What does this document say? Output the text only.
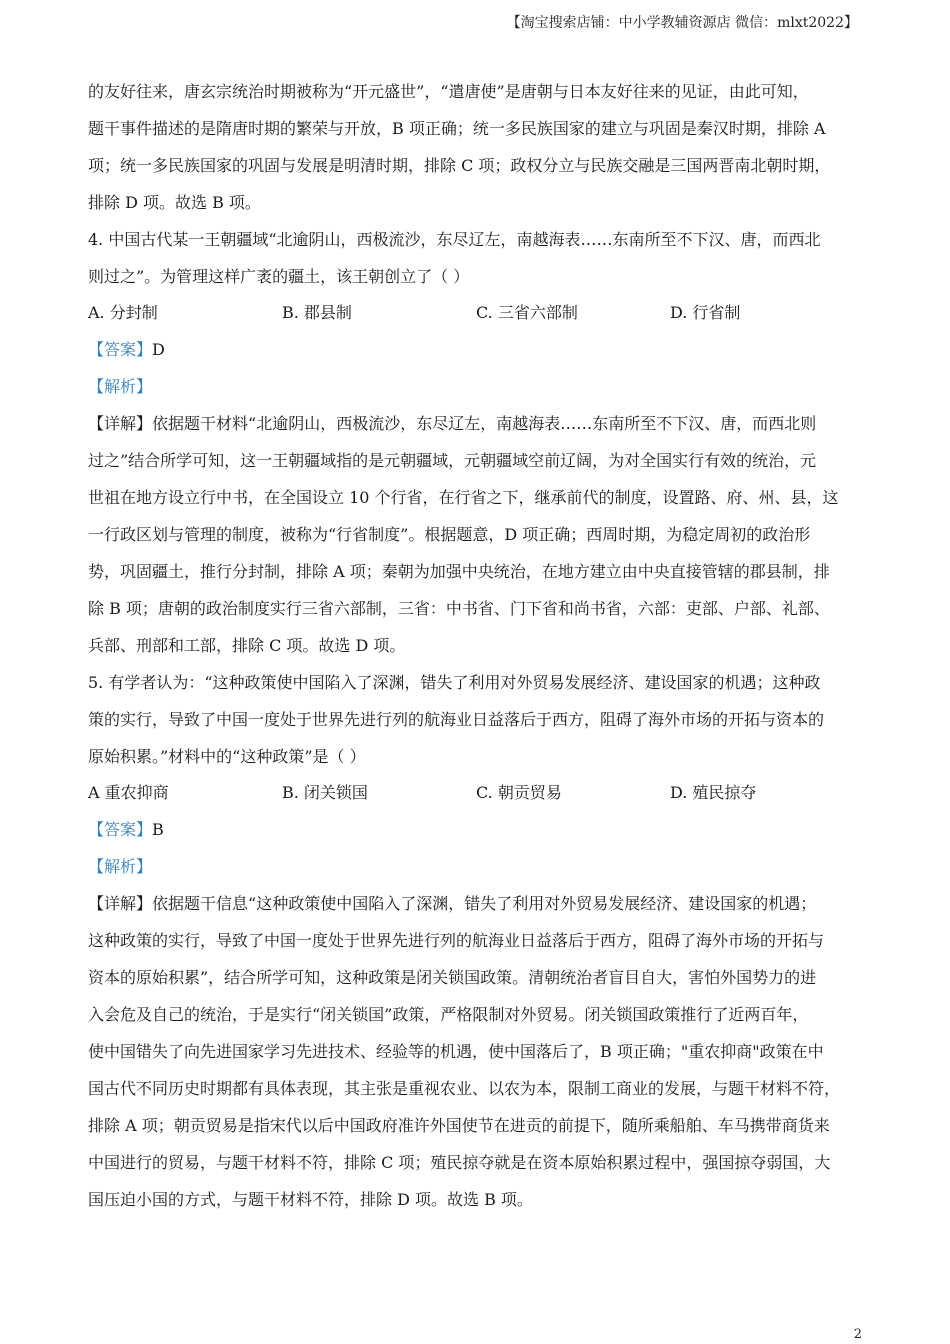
【淘宝搜索店铺：中小学教辅资源店 微信：mlxt2022】
的友好往来，唐玄宗统治时期被称为“开元盛世”，“遣唐使”是唐朝与日本友好往来的见证，由此可知，
题干事件描述的是隋唐时期的繁荣与开放，B 项正确；统一多民族国家的建立与巩固是秦汉时期，排除 A
项；统一多民族国家的巩固与发展是明清时期，排除 C 项；政权分立与民族交融是三国两晋南北朝时期，
排除 D 项。故选 B 项。
4. 中国古代某一王朝疆域“北逾阴山，西极流沙，东尽辽左，南越海表……东南所至不下汉、唐，而西北
则过之”。为管理这样广袤的疆土，该王朝创立了（ ）
A. 分封制	B. 郡县制	C. 三省六部制	D. 行省制
【答案】D
【解析】
【详解】依据题干材料“北逾阴山，西极流沙，东尽辽左，南越海表……东南所至不下汉、唐，而西北则
过之”结合所学可知，这一王朝疆域指的是元朝疆域，元朝疆域空前辽阔，为对全国实行有效的统治，元
世祖在地方设立行中书，在全国设立 10 个行省，在行省之下，继承前代的制度，设置路、府、州、县，这
一行政区划与管理的制度，被称为“行省制度”。根据题意，D 项正确；西周时期，为稳定周初的政治形
势，巩固疆土，推行分封制，排除 A 项；秦朝为加强中央统治，在地方建立由中央直接管辖的郡县制，排
除 B 项；唐朝的政治制度实行三省六部制，三省：中书省、门下省和尚书省，六部：吏部、户部、礼部、
兵部、刑部和工部，排除 C 项。故选 D 项。
5. 有学者认为：“这种政策使中国陷入了深渊，错失了利用对外贸易发展经济、建设国家的机遇；这种政
策的实行，导致了中国一度处于世界先进行列的航海业日益落后于西方，阻碍了海外市场的开拓与资本的
原始积累。”材料中的“这种政策”是（ ）
A 重农抑商	B. 闭关锁国	C. 朝贡贸易	D. 殖民掠夺
【答案】B
【解析】
【详解】依据题干信息“这种政策使中国陷入了深渊，错失了利用对外贸易发展经济、建设国家的机遇；
这种政策的实行，导致了中国一度处于世界先进行列的航海业日益落后于西方，阻碍了海外市场的开拓与
资本的原始积累”，结合所学可知，这种政策是闭关锁国政策。清朝统治者盲目自大，害怕外国势力的进
入会危及自己的统治，于是实行“闭关锁国”政策，严格限制对外贸易。闭关锁国政策推行了近两百年，
使中国错失了向先进国家学习先进技术、经验等的机遇，使中国落后了，B 项正确；"重农抑商"政策在中
国古代不同历史时期都有具体表现，其主张是重视农业、以农为本，限制工商业的发展，与题干材料不符，
排除 A 项；朝贡贸易是指宋代以后中国政府准许外国使节在进贡的前提下，随所乘船舶、车马携带商货来
中国进行的贸易，与题干材料不符，排除 C 项；殖民掠夺就是在资本原始积累过程中，强国掠夺弱国，大
国压迫小国的方式，与题干材料不符，排除 D 项。故选 B 项。
2
